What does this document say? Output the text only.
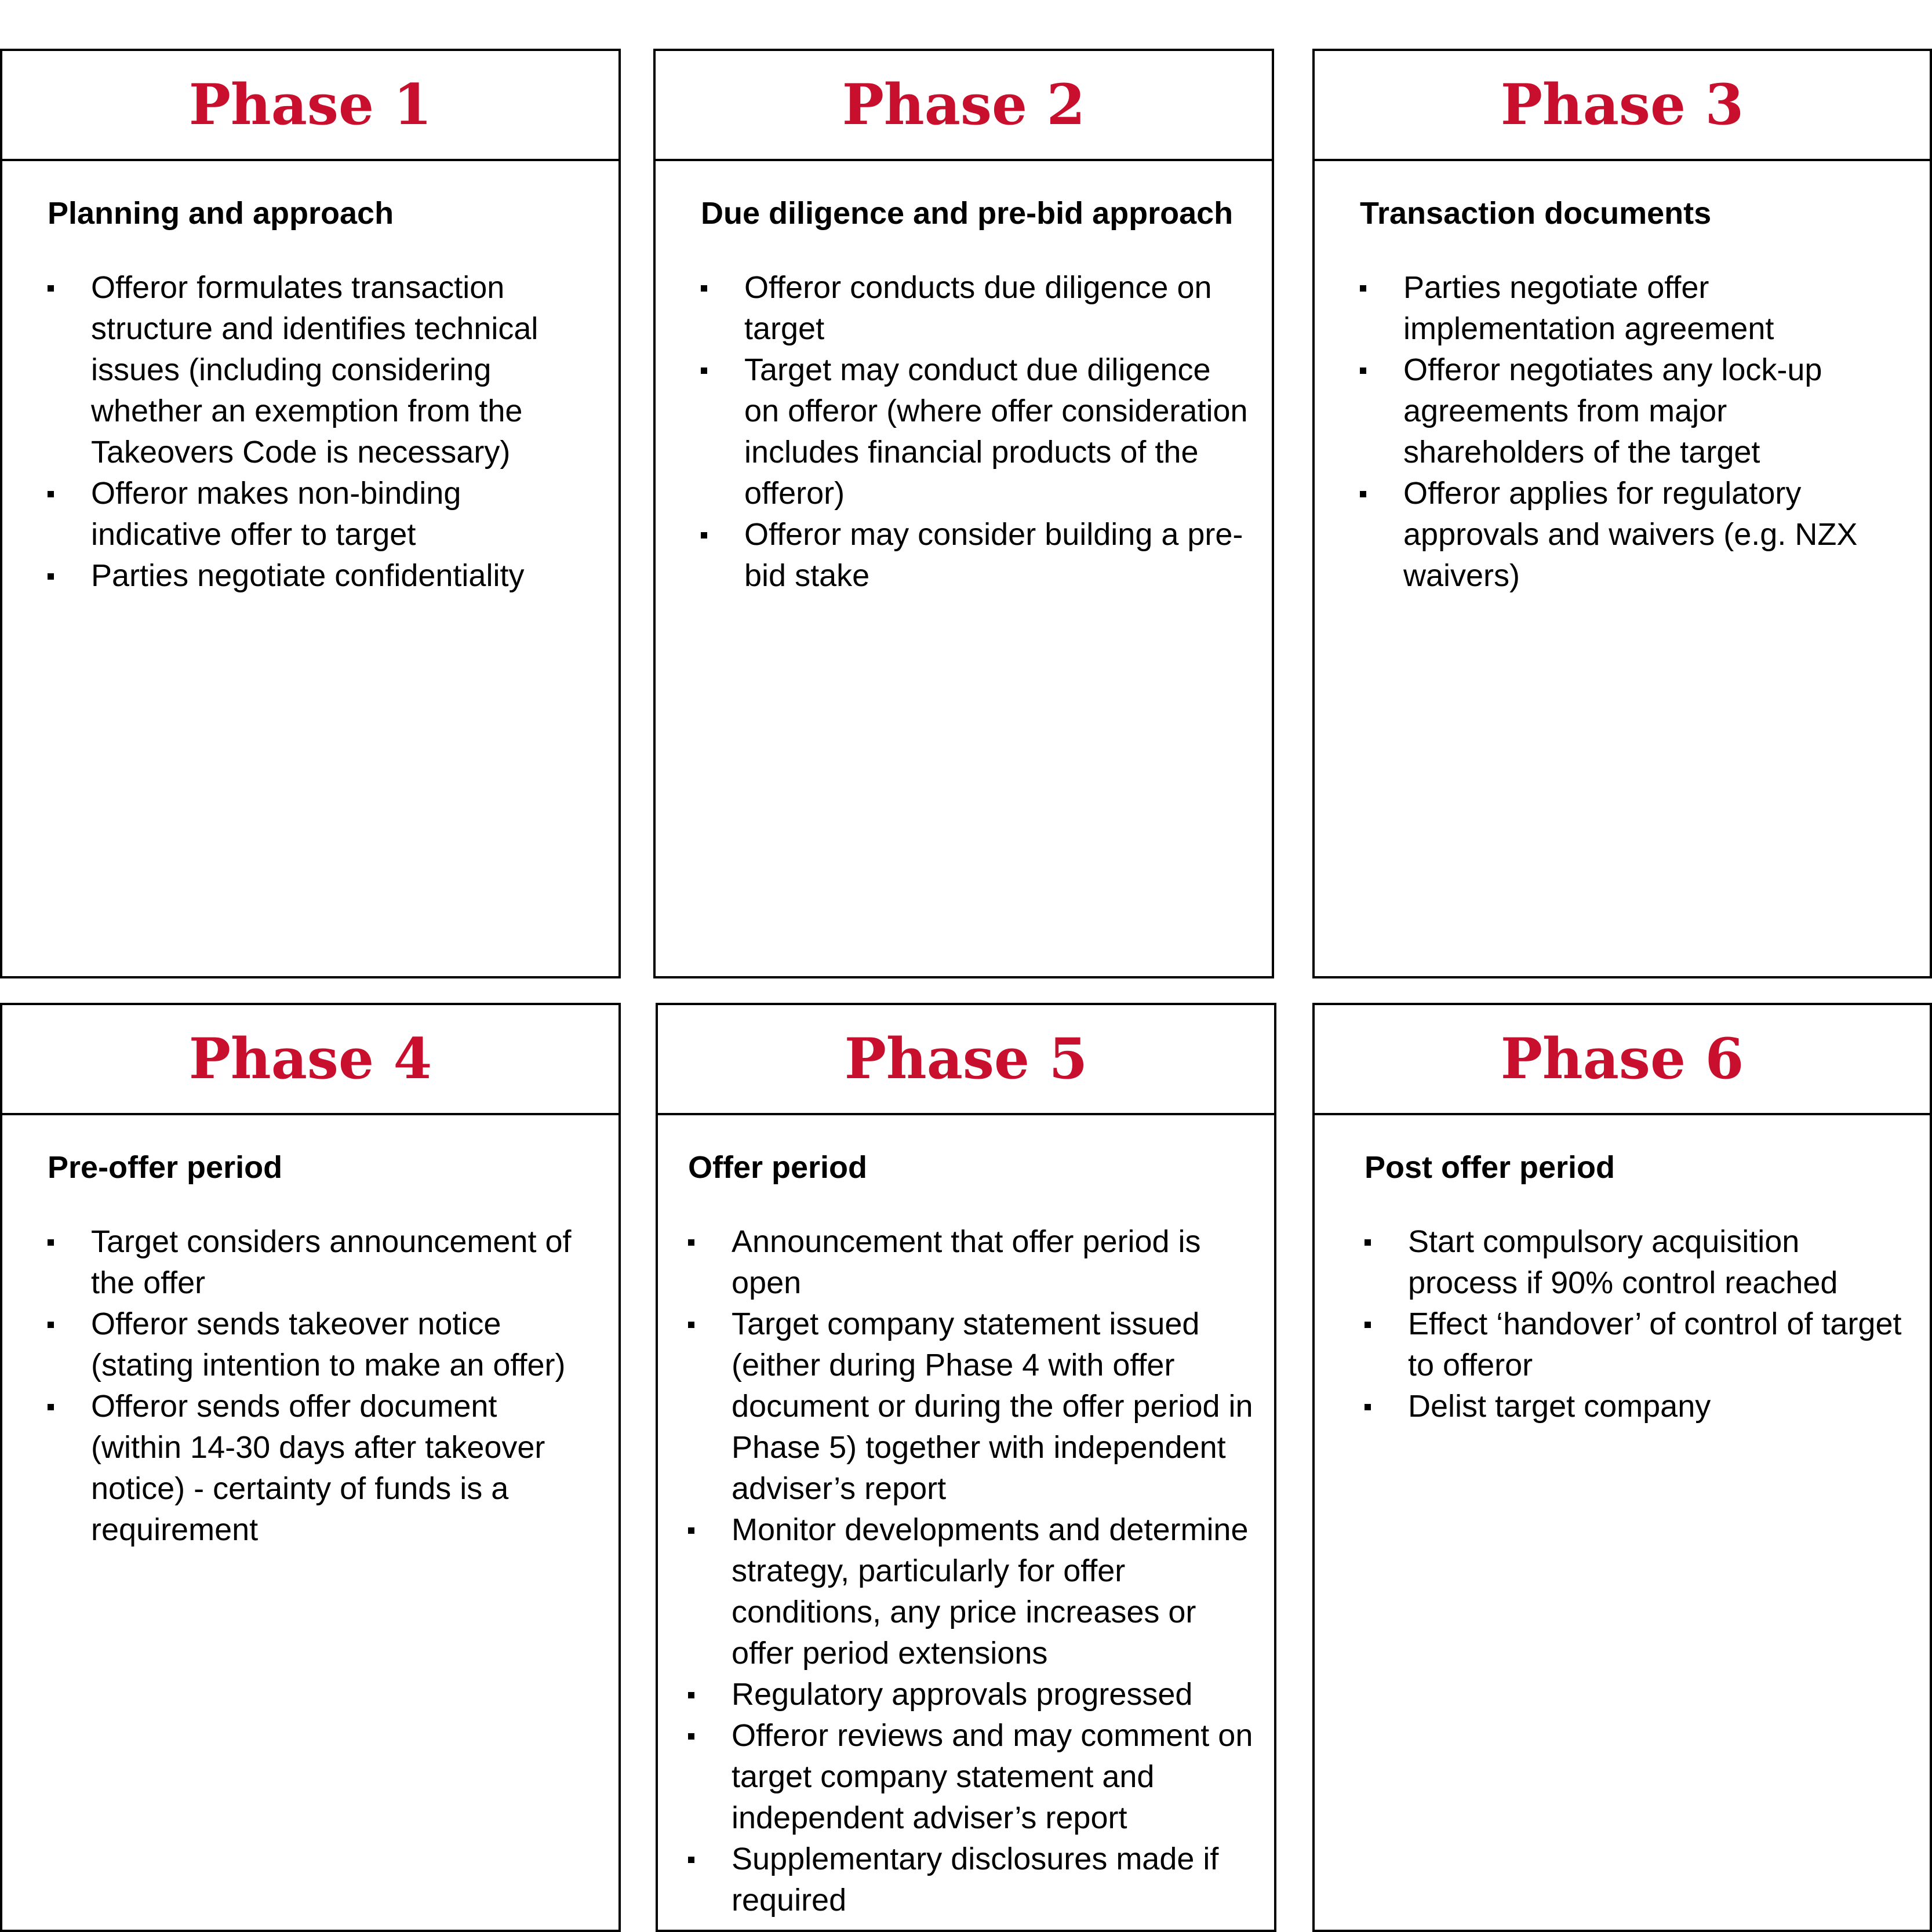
Phase 1
Planning and approach
Offeror formulates transaction structure and identifies technical issues (including considering whether an exemption from the Takeovers Code is necessary)
Offeror makes non-binding indicative offer to target
Parties negotiate confidentiality
Phase 2
Due diligence and pre-bid approach
Offeror conducts due diligence on target
Target may conduct due diligence on offeror (where offer consideration includes financial products of the offeror)
Offeror may consider building a pre-bid stake
Phase 3
Transaction documents
Parties negotiate offer implementation agreement
Offeror negotiates any lock-up agreements from major shareholders of the target
Offeror applies for regulatory approvals and waivers (e.g. NZX waivers)
Phase 4
Pre-offer period
Target considers announcement of the offer
Offeror sends takeover notice (stating intention to make an offer)
Offeror sends offer document (within 14-30 days after takeover notice) - certainty of funds is a requirement
Phase 5
Offer period
Announcement that offer period is open
Target company statement issued (either during Phase 4 with offer document or during the offer period in Phase 5) together with independent adviser’s report
Monitor developments and determine strategy, particularly for offer conditions, any price increases or offer period extensions
Regulatory approvals progressed
Offeror reviews and may comment on target company statement and independent adviser’s report
Supplementary disclosures made if required
Phase 6
Post offer period
Start compulsory acquisition process if 90% control reached
Effect ‘handover’ of control of target to offeror
Delist target company
